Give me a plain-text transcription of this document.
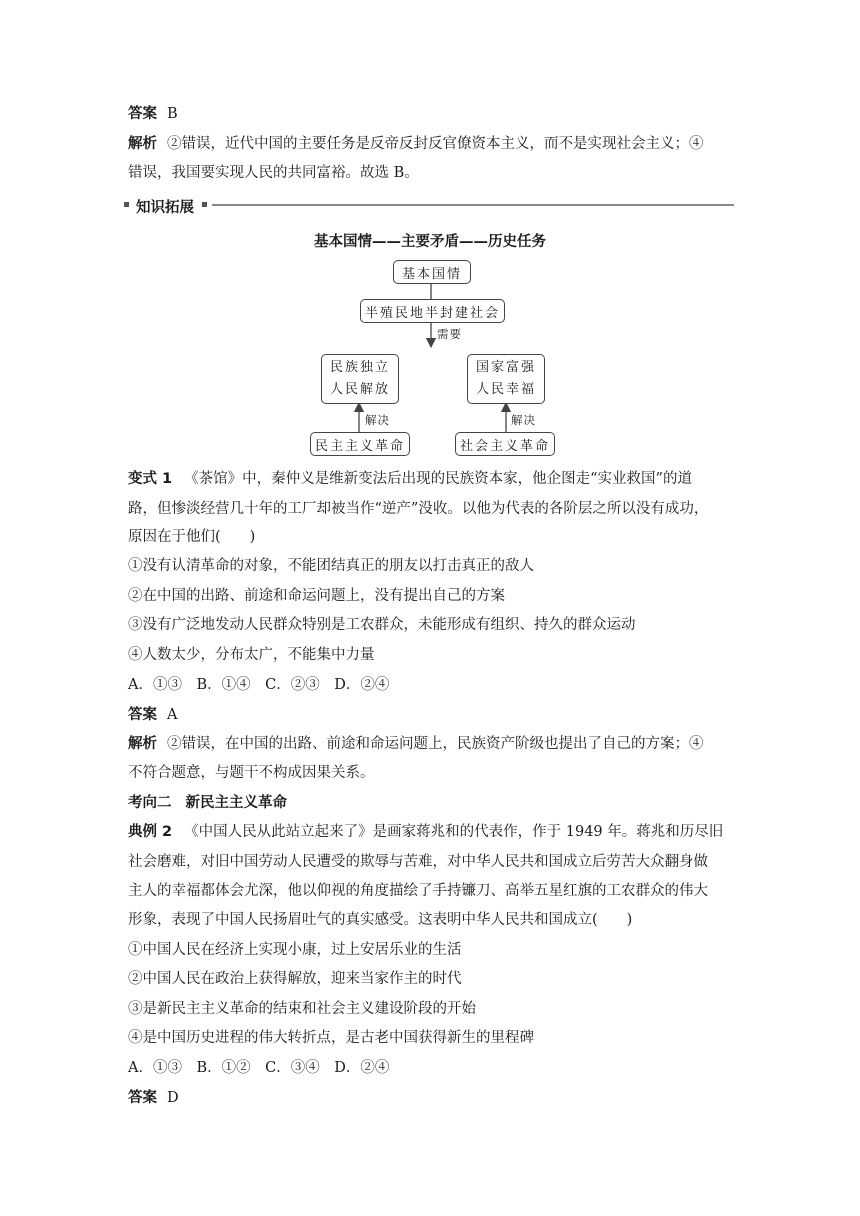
答案 B
解析 ②错误，近代中国的主要任务是反帝反封反官僚资本主义，而不是实现社会主义；④
错误，我国要实现人民的共同富裕。故选 B。
知识拓展
基本国情——主要矛盾——历史任务
基本国情
半殖民地半封建社会
需要
民族独立
人民解放
国家富强
人民幸福
解决	解决
民主主义革命	社会主义革命
变式 1 《茶馆》中，秦仲义是维新变法后出现的民族资本家，他企图走“实业救国”的道
路，但惨淡经营几十年的工厂却被当作“逆产”没收。以他为代表的各阶层之所以没有成功，
原因在于他们(　　)
①没有认清革命的对象，不能团结真正的朋友以打击真正的敌人
②在中国的出路、前途和命运问题上，没有提出自己的方案
③没有广泛地发动人民群众特别是工农群众，未能形成有组织、持久的群众运动
④人数太少，分布太广，不能集中力量
A．①③　B．①④　C．②③　D．②④
答案 A
解析 ②错误，在中国的出路、前途和命运问题上，民族资产阶级也提出了自己的方案；④
不符合题意，与题干不构成因果关系。
考向二 新民主主义革命
典例 2 《中国人民从此站立起来了》是画家蒋兆和的代表作，作于 1949 年。蒋兆和历尽旧
社会磨难，对旧中国劳动人民遭受的欺辱与苦难，对中华人民共和国成立后劳苦大众翻身做
主人的幸福都体会尤深，他以仰视的角度描绘了手持镰刀、高举五星红旗的工农群众的伟大
形象，表现了中国人民扬眉吐气的真实感受。这表明中华人民共和国成立(　　)
①中国人民在经济上实现小康，过上安居乐业的生活
②中国人民在政治上获得解放，迎来当家作主的时代
③是新民主主义革命的结束和社会主义建设阶段的开始
④是中国历史进程的伟大转折点，是古老中国获得新生的里程碑
A．①③　B．①②　C．③④　D．②④
答案 D
